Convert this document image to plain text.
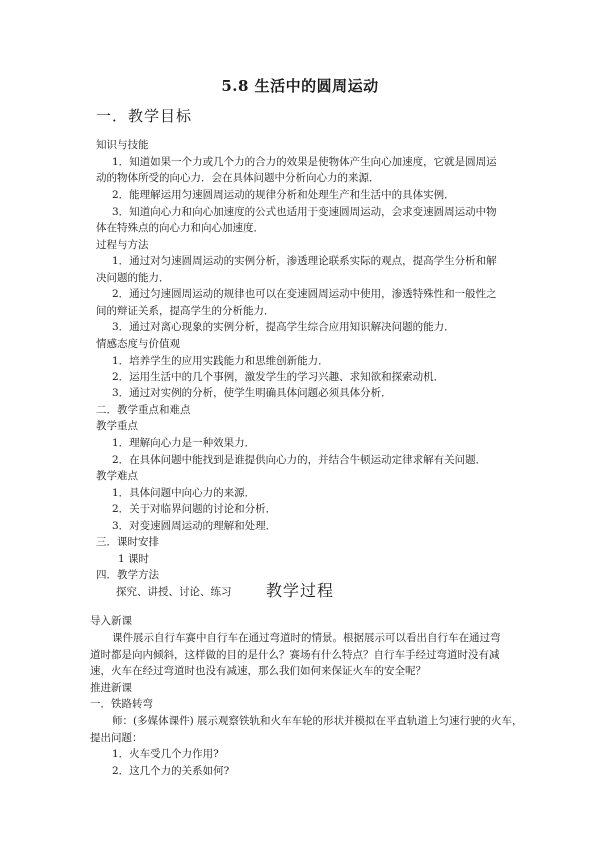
5.8 生活中的圆周运动
一．教学目标
知识与技能
1．知道如果一个力或几个力的合力的效果是使物体产生向心加速度，它就是圆周运
动的物体所受的向心力．会在具体问题中分析向心力的来源．
2．能理解运用匀速圆周运动的规律分析和处理生产和生活中的具体实例．
3．知道向心力和向心加速度的公式也适用于变速圆周运动，会求变速圆周运动中物
体在特殊点的向心力和向心加速度．
过程与方法
1．通过对匀速圆周运动的实例分析，渗透理论联系实际的观点，提高学生分析和解
决问题的能力．
2．通过匀速圆周运动的规律也可以在变速圆周运动中使用，渗透特殊性和一般性之
间的辩证关系，提高学生的分析能力．
3．通过对离心现象的实例分析，提高学生综合应用知识解决问题的能力．
情感态度与价值观
1．培养学生的应用实践能力和思维创新能力．
2．运用生活中的几个事例，激发学生的学习兴趣、求知欲和探索动机．
3．通过对实例的分析，使学生明确具体问题必须具体分析．
二．教学重点和难点
教学重点
1．理解向心力是一种效果力．
2．在具体问题中能找到是谁提供向心力的，并结合牛顿运动定律求解有关问题．
教学难点
1．具体问题中向心力的来源．
2．关于对临界问题的讨论和分析．
3．对变速圆周运动的理解和处理．
三．课时安排
1 课时
四．教学方法
探究、讲授、讨论、练习	教学过程
导入新课
课件展示自行车赛中自行车在通过弯道时的情景。根据展示可以看出自行车在通过弯
道时都是向内倾斜，这样做的目的是什么？赛场有什么特点？自行车手经过弯道时没有减
速，火车在经过弯道时也没有减速，那么我们如何来保证火车的安全呢？
推进新课
一．铁路转弯
师：(多媒体课件) 展示观察铁轨和火车车轮的形状并模拟在平直轨道上匀速行驶的火车，
提出问题：
1．火车受几个力作用?
2．这几个力的关系如何?
